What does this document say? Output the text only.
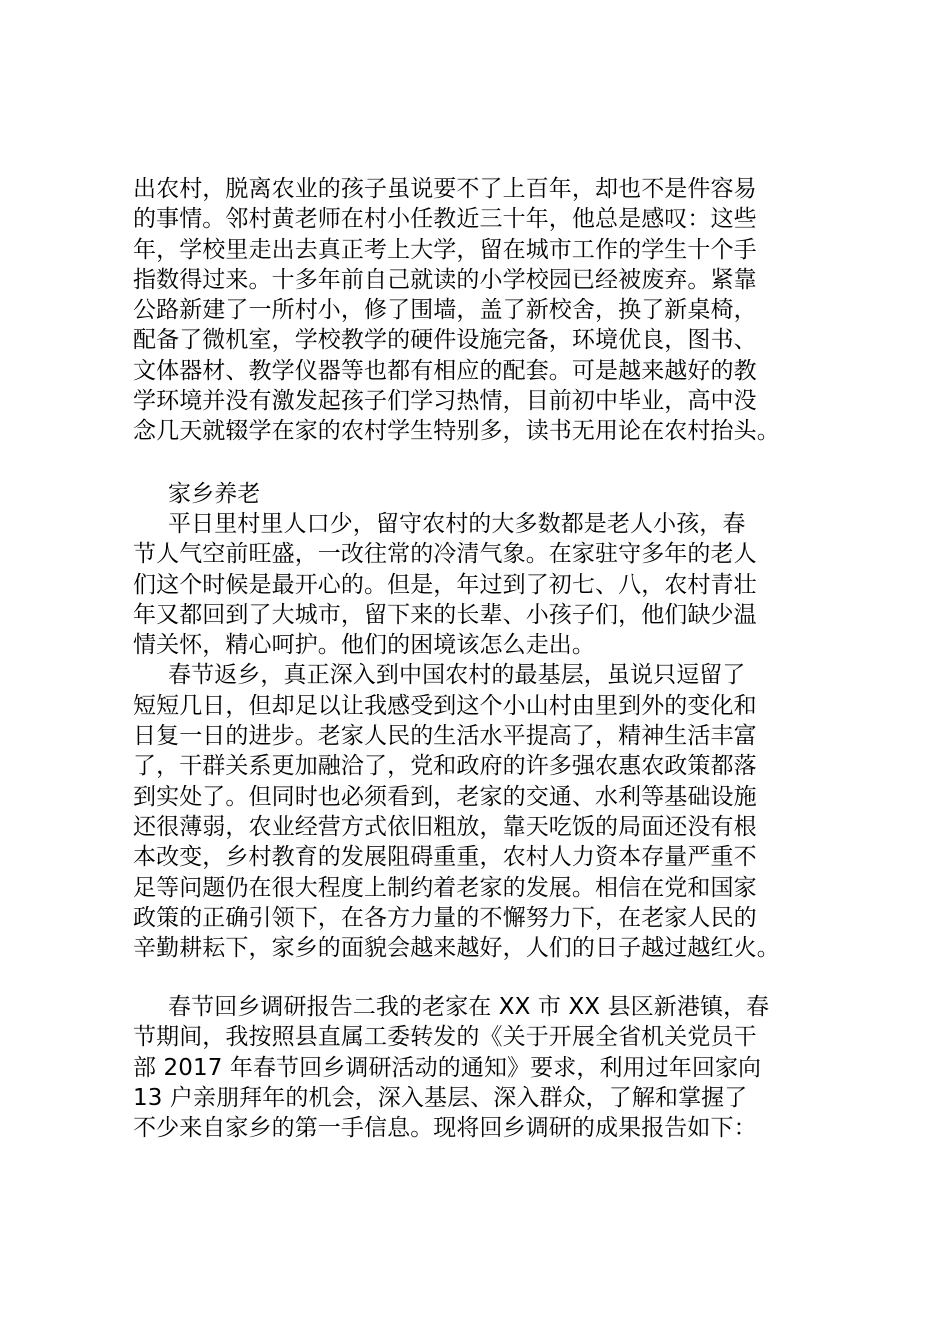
出农村，脱离农业的孩子虽说要不了上百年，却也不是件容易
的事情。邻村黄老师在村小任教近三十年，他总是感叹：这些
年，学校里走出去真正考上大学，留在城市工作的学生十个手
指数得过来。十多年前自己就读的小学校园已经被废弃。紧靠
公路新建了一所村小，修了围墙，盖了新校舍，换了新桌椅，
配备了微机室，学校教学的硬件设施完备，环境优良，图书、
文体器材、教学仪器等也都有相应的配套。可是越来越好的教
学环境并没有激发起孩子们学习热情，目前初中毕业，高中没
念几天就辍学在家的农村学生特别多，读书无用论在农村抬头。
家乡养老
平日里村里人口少，留守农村的大多数都是老人小孩，春
节人气空前旺盛，一改往常的冷清气象。在家驻守多年的老人
们这个时候是最开心的。但是，年过到了初七、八，农村青壮
年又都回到了大城市，留下来的长辈、小孩子们，他们缺少温
情关怀，精心呵护。他们的困境该怎么走出。
春节返乡，真正深入到中国农村的最基层，虽说只逗留了
短短几日，但却足以让我感受到这个小山村由里到外的变化和
日复一日的进步。老家人民的生活水平提高了，精神生活丰富
了，干群关系更加融洽了，党和政府的许多强农惠农政策都落
到实处了。但同时也必须看到，老家的交通、水利等基础设施
还很薄弱，农业经营方式依旧粗放，靠天吃饭的局面还没有根
本改变，乡村教育的发展阻碍重重，农村人力资本存量严重不
足等问题仍在很大程度上制约着老家的发展。相信在党和国家
政策的正确引领下，在各方力量的不懈努力下，在老家人民的
辛勤耕耘下，家乡的面貌会越来越好，人们的日子越过越红火。
春节回乡调研报告二我的老家在 XX 市 XX 县区新港镇，春
节期间，我按照县直属工委转发的《关于开展全省机关党员干
部 2017 年春节回乡调研活动的通知》要求，利用过年回家向
13 户亲朋拜年的机会，深入基层、深入群众，了解和掌握了
不少来自家乡的第一手信息。现将回乡调研的成果报告如下：
